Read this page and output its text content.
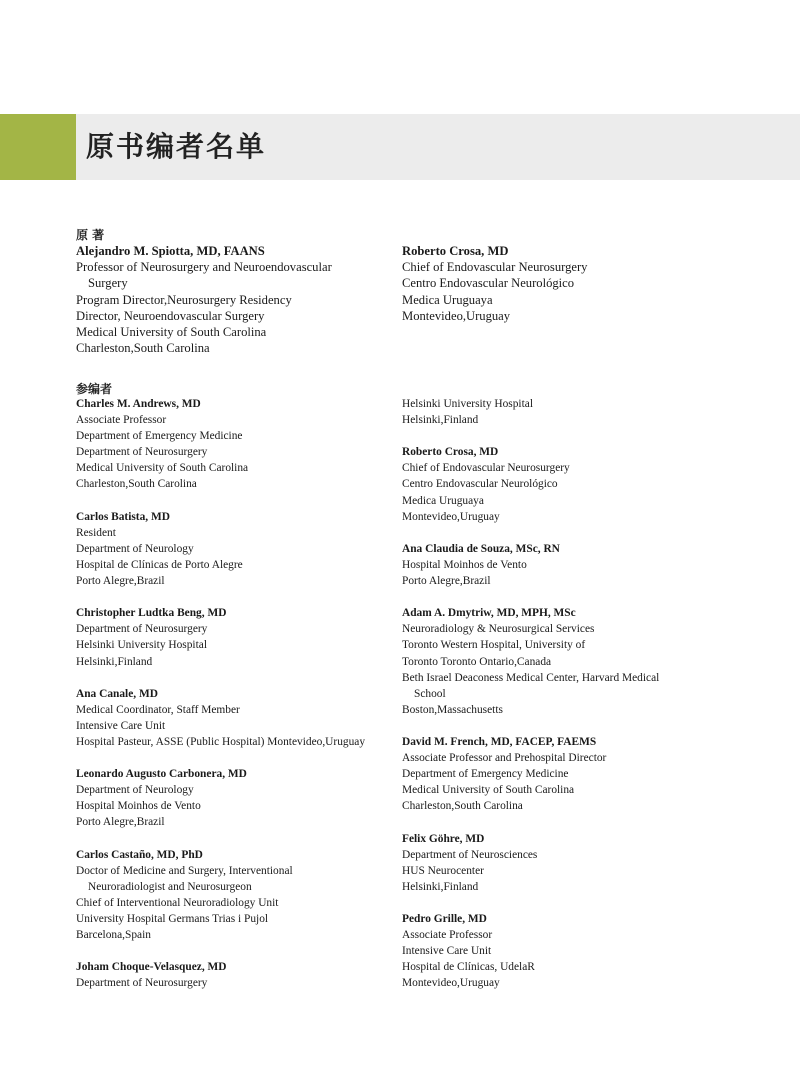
原书编者名单
原 著
Alejandro M. Spiotta, MD, FAANS
Professor of Neurosurgery and Neuroendovascular
Surgery
Program Director,Neurosurgery Residency
Director, Neuroendovascular Surgery
Medical University of South Carolina
Charleston,South Carolina
Roberto Crosa, MD
Chief of Endovascular Neurosurgery
Centro Endovascular Neurológico
Medica Uruguaya
Montevideo,Uruguay
参编者
Charles M. Andrews, MD
Associate Professor
Department of Emergency Medicine
Department of Neurosurgery
Medical University of South Carolina
Charleston,South Carolina
Carlos Batista, MD
Resident
Department of Neurology
Hospital de Clínicas de Porto Alegre
Porto Alegre,Brazil
Christopher Ludtka Beng, MD
Department of Neurosurgery
Helsinki University Hospital
Helsinki,Finland
Ana Canale, MD
Medical Coordinator, Staff Member
Intensive Care Unit
Hospital Pasteur, ASSE (Public Hospital) Montevideo,Uruguay
Leonardo Augusto Carbonera, MD
Department of Neurology
Hospital Moinhos de Vento
Porto Alegre,Brazil
Carlos Castaño, MD, PhD
Doctor of Medicine and Surgery, Interventional
Neuroradiologist and Neurosurgeon
Chief of Interventional Neuroradiology Unit
University Hospital Germans Trias i Pujol
Barcelona,Spain
Joham Choque-Velasquez, MD
Department of Neurosurgery
Helsinki University Hospital
Helsinki,Finland
Roberto Crosa, MD
Chief of Endovascular Neurosurgery
Centro Endovascular Neurológico
Medica Uruguaya
Montevideo,Uruguay
Ana Claudia de Souza, MSc, RN
Hospital Moinhos de Vento
Porto Alegre,Brazil
Adam A. Dmytriw, MD, MPH, MSc
Neuroradiology & Neurosurgical Services
Toronto Western Hospital, University of
Toronto Toronto Ontario,Canada
Beth Israel Deaconess Medical Center, Harvard Medical
School
Boston,Massachusetts
David M. French, MD, FACEP, FAEMS
Associate Professor and Prehospital Director
Department of Emergency Medicine
Medical University of South Carolina
Charleston,South Carolina
Felix Göhre, MD
Department of Neurosciences
HUS Neurocenter
Helsinki,Finland
Pedro Grille, MD
Associate Professor
Intensive Care Unit
Hospital de Clínicas, UdelaR
Montevideo,Uruguay
